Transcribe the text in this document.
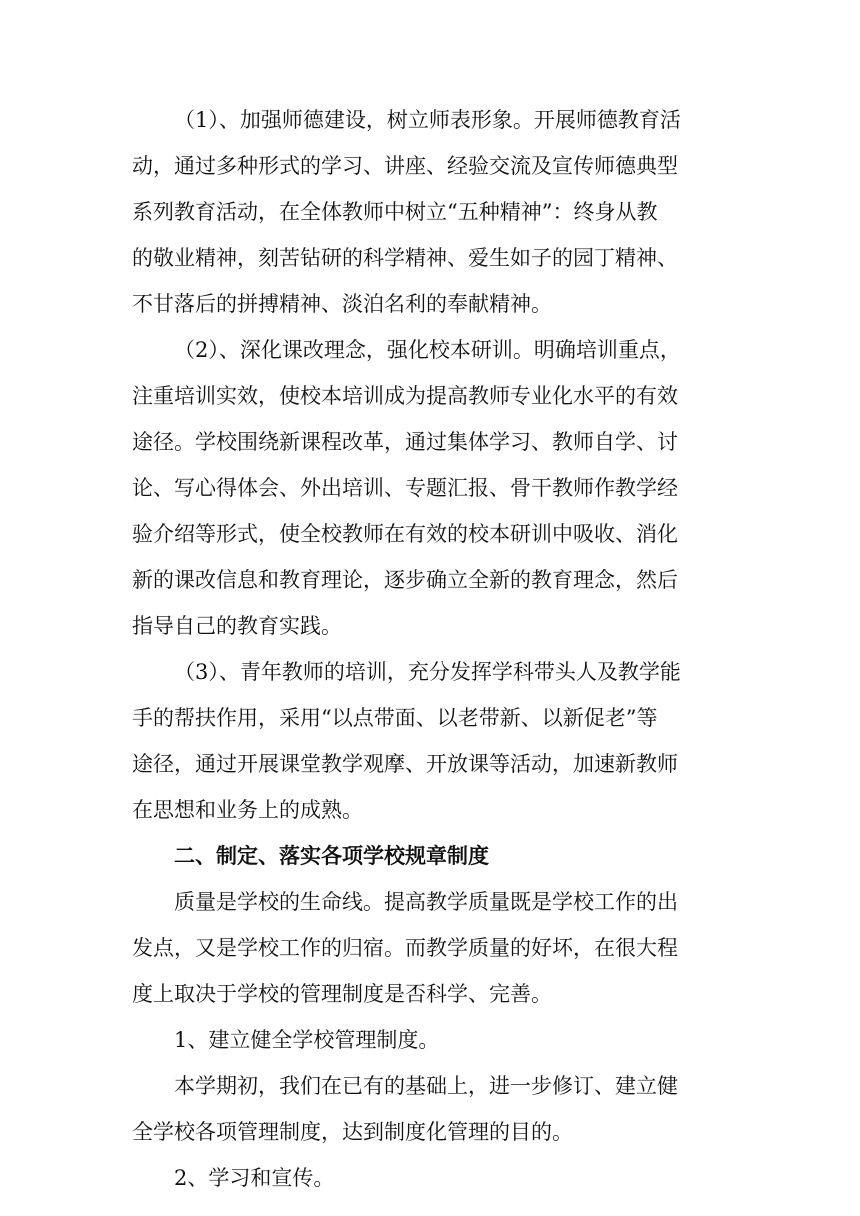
（1）、加强师德建设，树立师表形象。开展师德教育活
动，通过多种形式的学习、讲座、经验交流及宣传师德典型
系列教育活动，在全体教师中树立“五种精神”：终身从教
的敬业精神，刻苦钻研的科学精神、爱生如子的园丁精神、
不甘落后的拼搏精神、淡泊名利的奉献精神。
（2）、深化课改理念，强化校本研训。明确培训重点，
注重培训实效，使校本培训成为提高教师专业化水平的有效
途径。学校围绕新课程改革，通过集体学习、教师自学、讨
论、写心得体会、外出培训、专题汇报、骨干教师作教学经
验介绍等形式，使全校教师在有效的校本研训中吸收、消化
新的课改信息和教育理论，逐步确立全新的教育理念，然后
指导自己的教育实践。
（3）、青年教师的培训，充分发挥学科带头人及教学能
手的帮扶作用，采用“以点带面、以老带新、以新促老”等
途径，通过开展课堂教学观摩、开放课等活动，加速新教师
在思想和业务上的成熟。
二、制定、落实各项学校规章制度
质量是学校的生命线。提高教学质量既是学校工作的出
发点，又是学校工作的归宿。而教学质量的好坏，在很大程
度上取决于学校的管理制度是否科学、完善。
1、建立健全学校管理制度。
本学期初，我们在已有的基础上，进一步修订、建立健
全学校各项管理制度，达到制度化管理的目的。
2、学习和宣传。
